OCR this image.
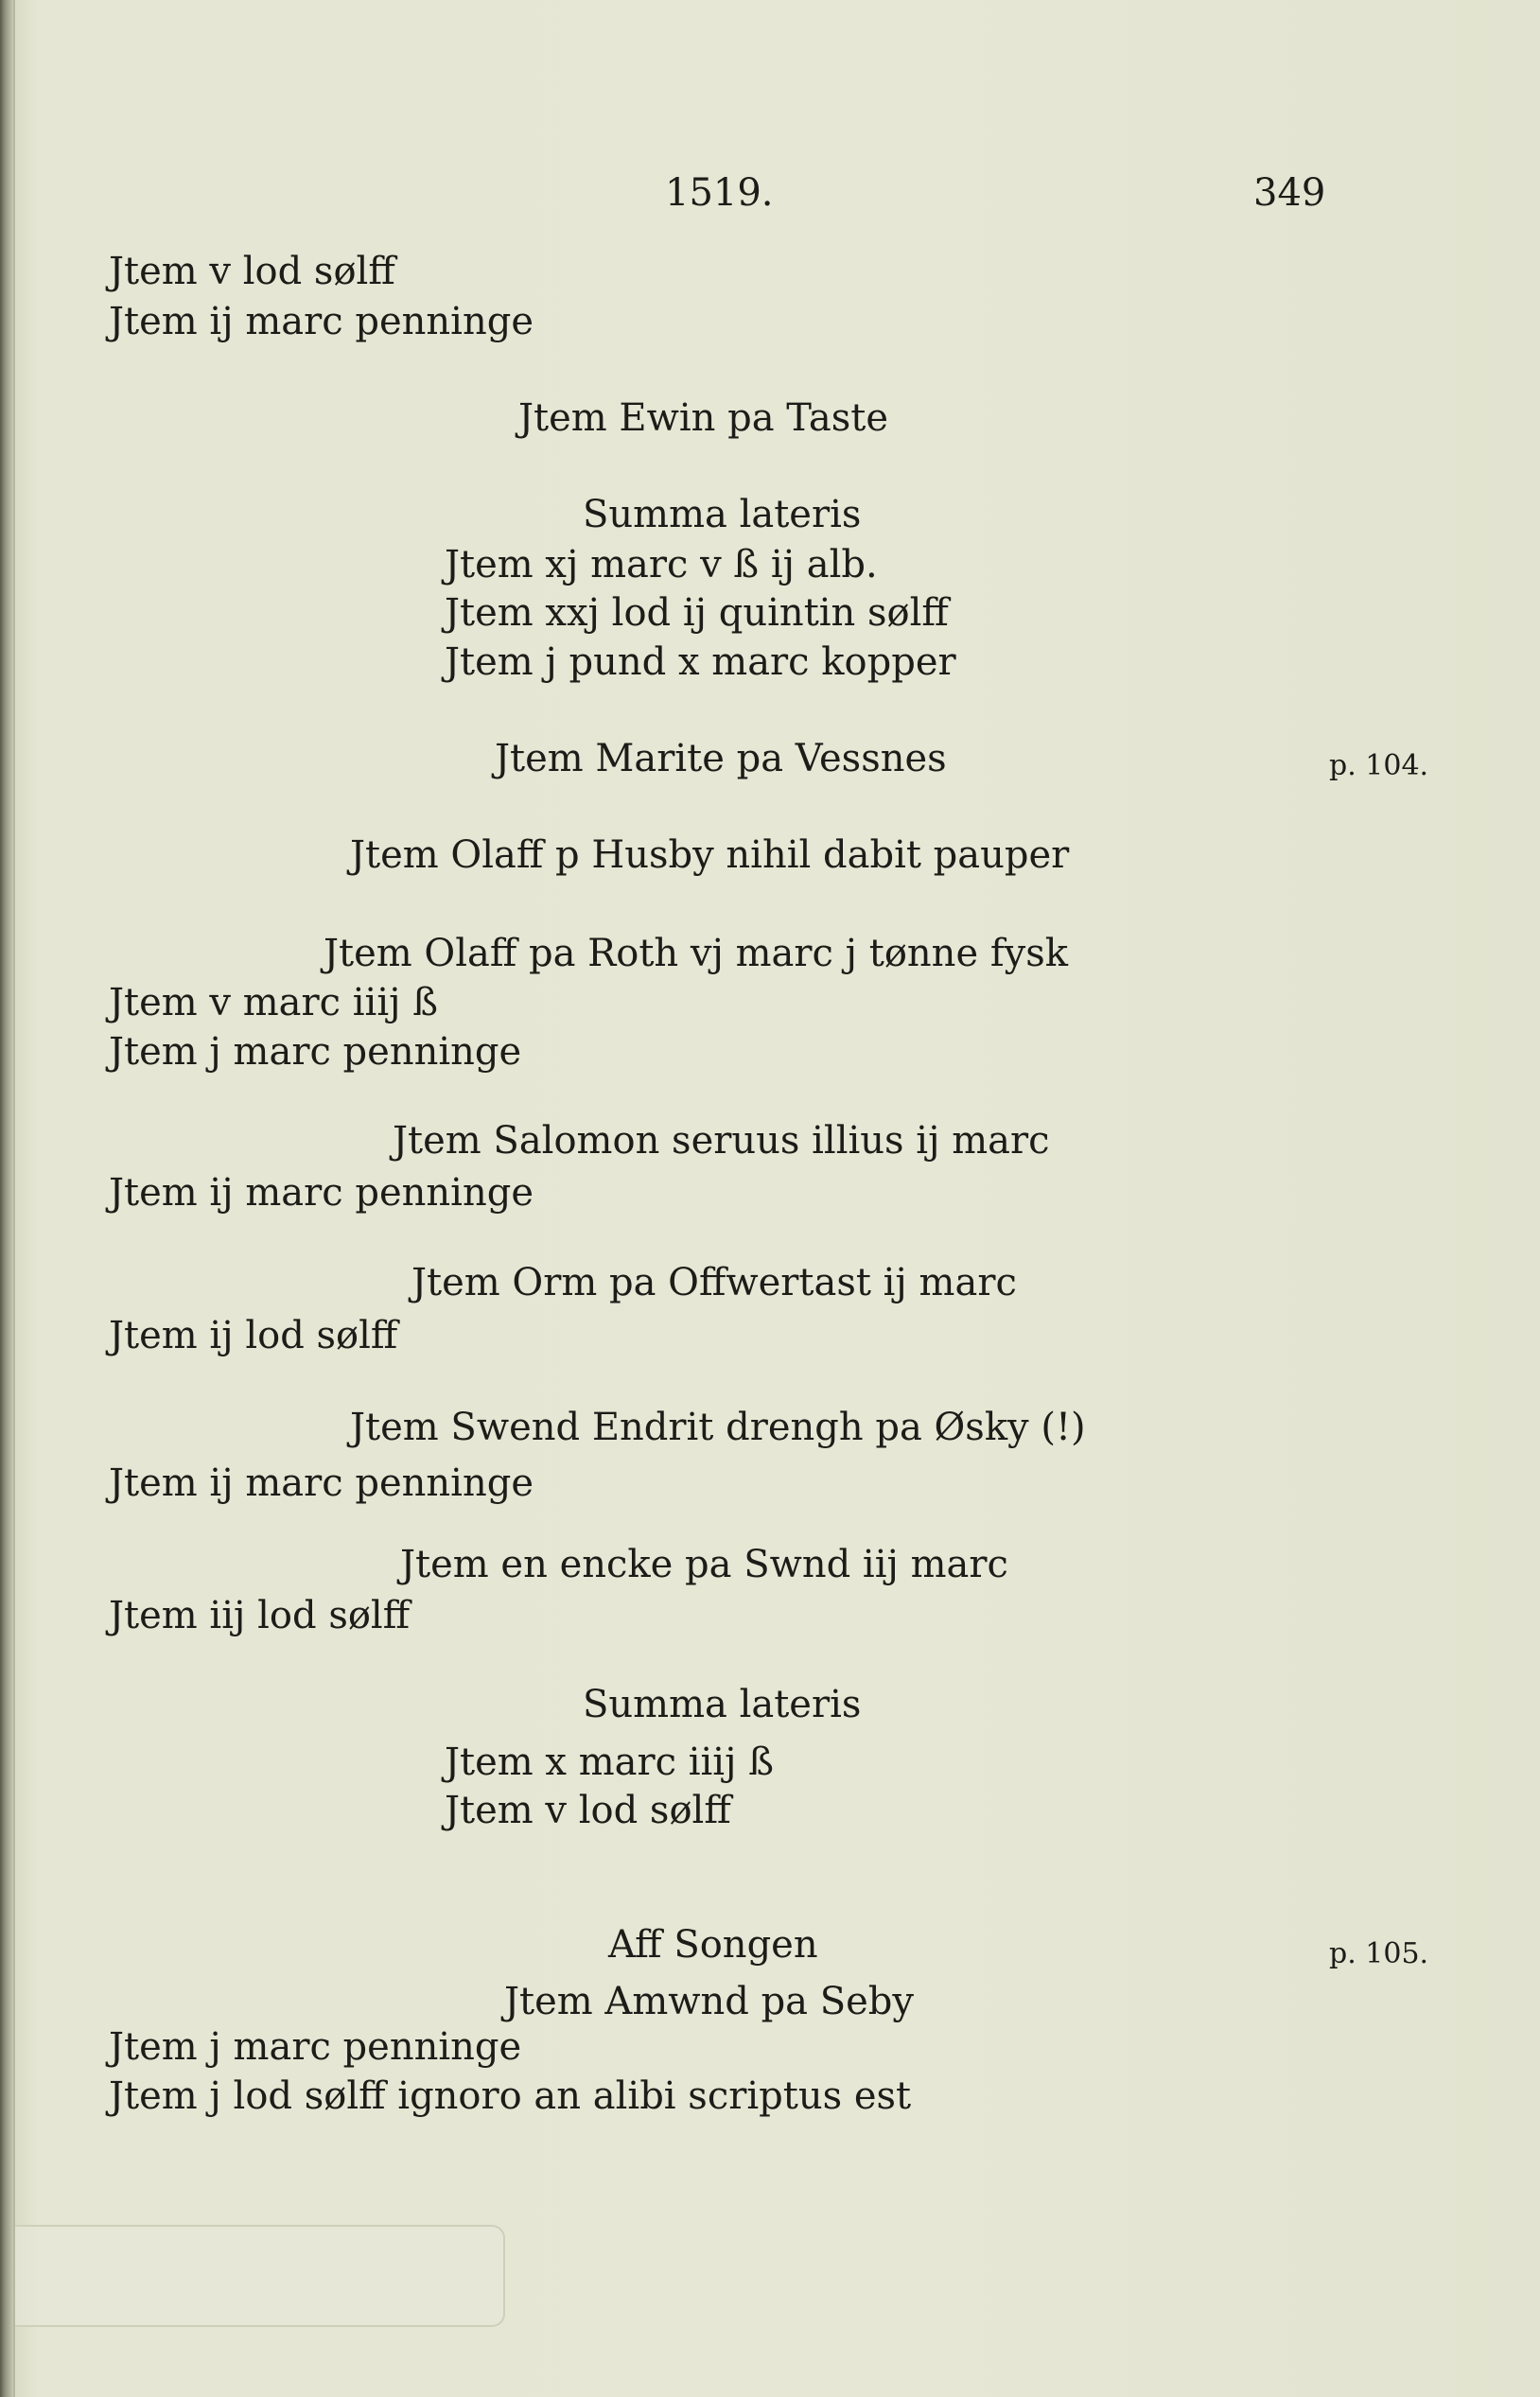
1519.	349
p. 104.
p. 105.
Jtem v lod sølff
Jtem ij marc penninge
Jtem Ewin pa Taste
Summa lateris
Jtem xj marc v ß ij alb.
Jtem xxj lod ij quintin sølff
Jtem j pund x marc kopper
Jtem Marite pa Vessnes
Jtem Olaff p Husby nihil dabit pauper
Jtem Olaff pa Roth vj marc j tønne fysk
Jtem v marc iiij ß
Jtem j marc penninge
Jtem Salomon seruus illius ij marc
Jtem ij marc penninge
Jtem Orm pa Offwertast ij marc
Jtem ij lod sølff
Jtem Swend Endrit drengh pa Øsky (!)
Jtem ij marc penninge
Jtem en encke pa Swnd iij marc
Jtem iij lod sølff
Summa lateris
Jtem x marc iiij ß
Jtem v lod sølff
Aff Songen
Jtem Amwnd pa Seby
Jtem j marc penninge
Jtem j lod sølff ignoro an alibi scriptus est
